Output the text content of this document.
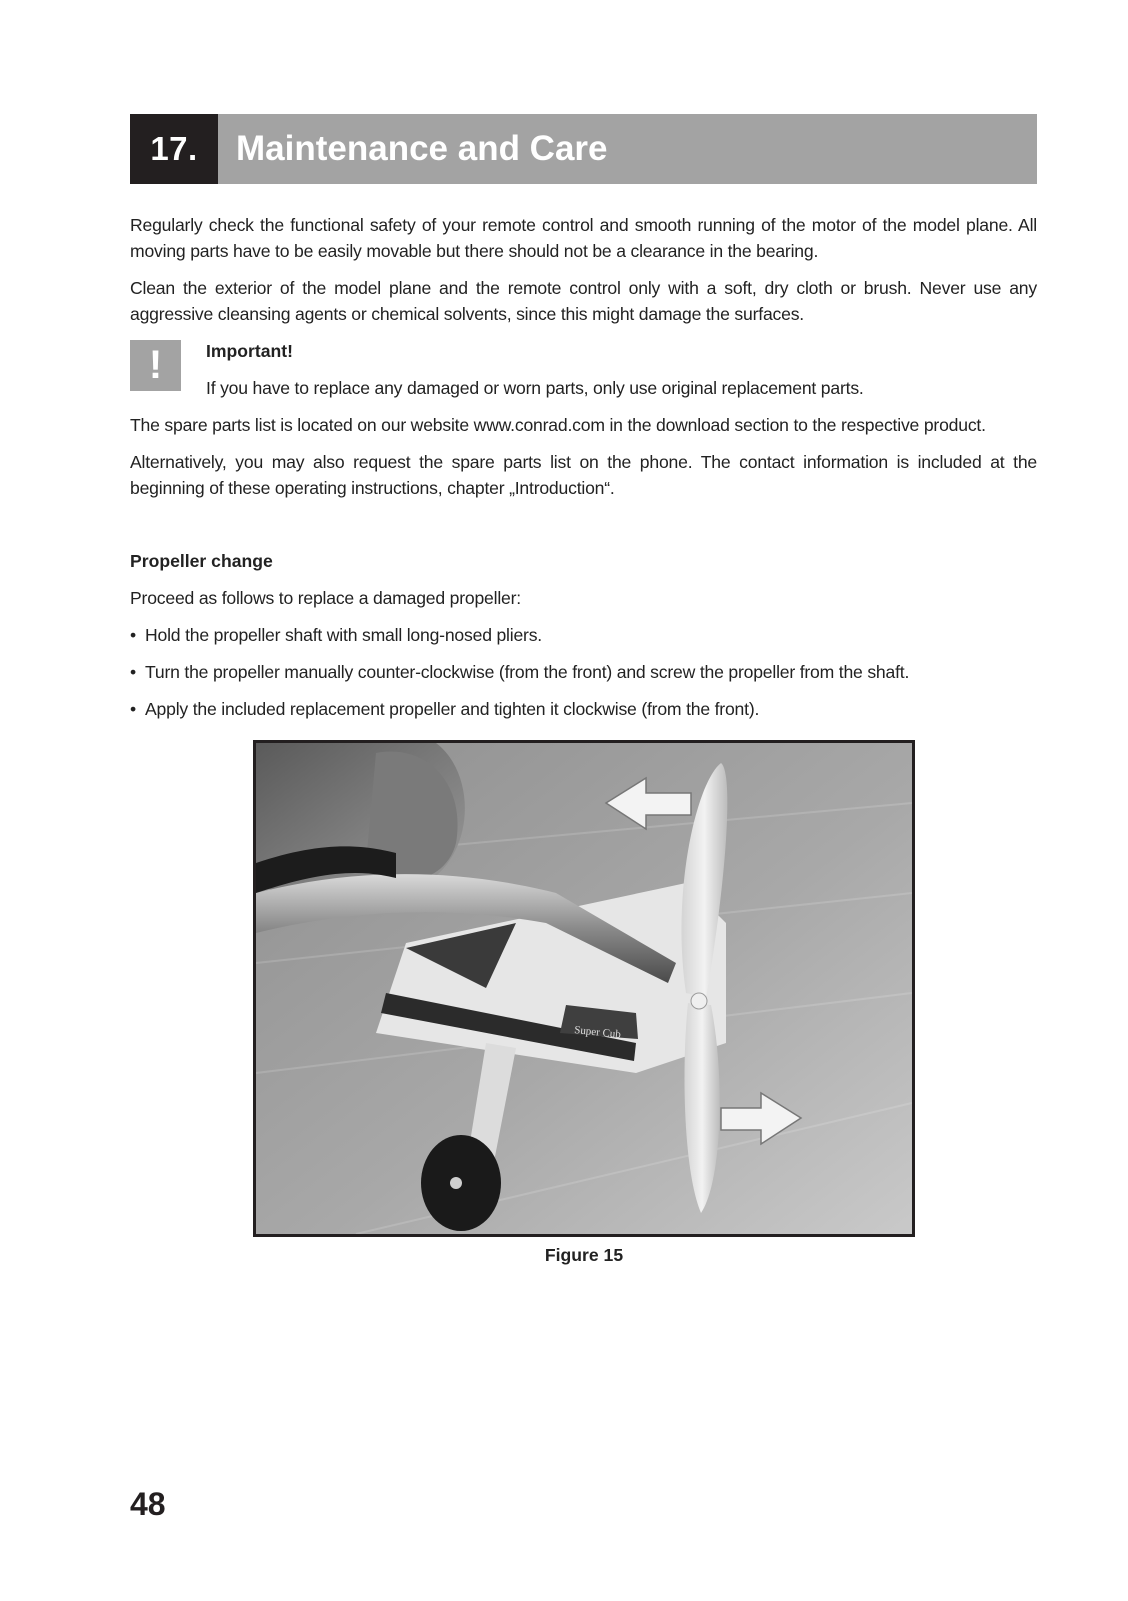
17.	Maintenance and Care

Regularly check the functional safety of your remote control and smooth running of the motor of the model plane. All moving parts have to be easily movable but there should not be a clearance in the bearing.

Clean the exterior of the model plane and the remote control only with a soft, dry cloth or brush. Never use any aggressive cleansing agents or chemical solvents, since this might damage the surfaces.

!	Important!
If you have to replace any damaged or worn parts, only use original replacement parts.

The spare parts list is located on our website www.conrad.com in the download section to the respective product.

Alternatively, you may also request the spare parts list on the phone. The contact information is included at the beginning of these operating instructions, chapter „Introduction“.

Propeller change

Proceed as follows to replace a damaged propeller:

• Hold the propeller shaft with small long-nosed pliers.
• Turn the propeller manually counter-clockwise (from the front) and screw the propeller from the shaft.
• Apply the included replacement propeller and tighten it clockwise (from the front).
Super Cub
Figure 15
48
